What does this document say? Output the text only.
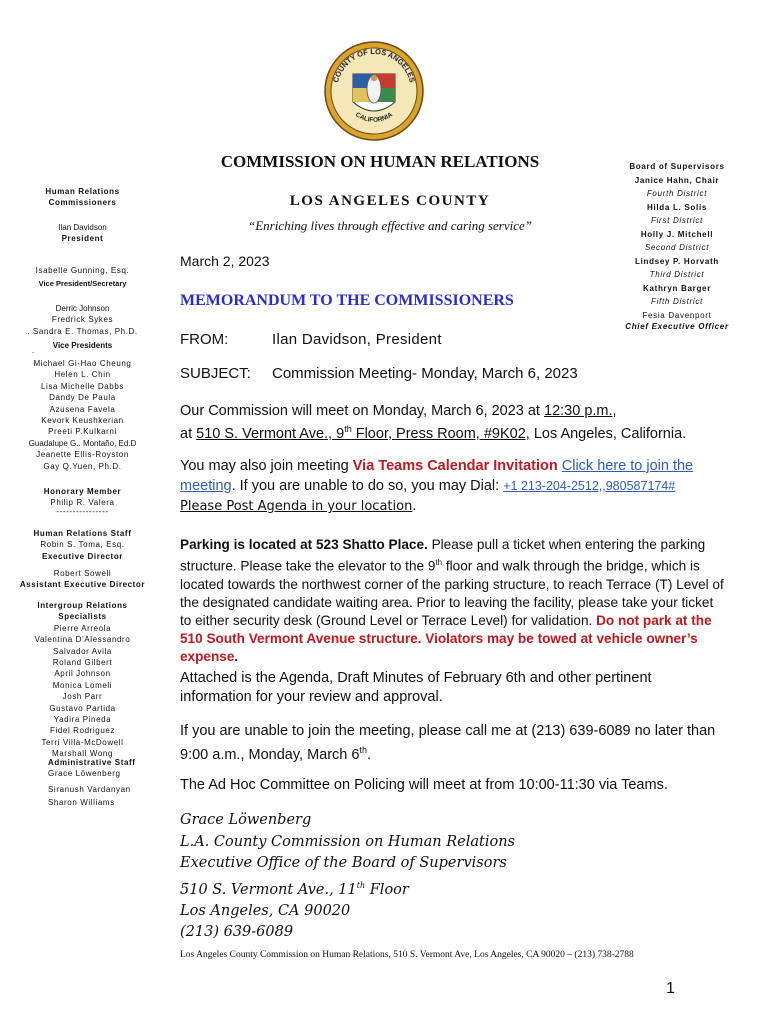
COUNTY OF LOS ANGELES
CALIFORNIA
COMMISSION ON HUMAN RELATIONS
LOS ANGELES COUNTY
“Enriching lives through effective and caring service”
Board of Supervisors
Janice Hahn, Chair
Fourth District
Hilda L. Solis
First District
Holly J. Mitchell
Second District
Lindsey P. Horvath
Third District
Kathryn Barger
Fifth District
Fesia Davenport
Chief Executive Officer
Human Relations
Commissioners
Ilan Davidson
President
Isabelle Gunning, Esq.
Vice President/Secretary
Derric Johnson
Fredrick Sykes
. Sandra E. Thomas, Ph.D.
Vice Presidents
.
Michael Gi-Hao Cheung
Helen L. Chin
Lisa Michelle Dabbs
Dandy De Paula
Azusena Favela
Kevork Keushkerian
Preeti P.Kulkarni
Guadalupe G.. Montaño, Ed.D
Jeanette Ellis-Royston
Gay Q.Yuen, Ph.D.
Honorary Member
Philip R. Valera
----------------
Human Relations Staff
Robin S. Toma, Esq.
Executive Director
Robert Sowell
Assistant Executive Director
Intergroup Relations
Specialists
Pierre Arreola
Valentina D’Alessandro
Salvador Avila
Roland Gilbert
April Johnson
Monica Lomeli
Josh Parr
Gustavo Partida
Yadira Pineda
Fidel Rodriguez
Terri Villa-McDowell
Marshall Wong
Administrative Staff
Grace Löwenberg
Siranush Vardanyan
Sharon Williams
March 2, 2023
MEMORANDUM TO THE COMMISSIONERS
FROM:	Ilan Davidson, President
SUBJECT: Commission Meeting- Monday, March 6, 2023
Our Commission will meet on Monday, March 6, 2023 at 12:30 p.m.,
at 510 S. Vermont Ave., 9th Floor, Press Room, #9K02, Los Angeles, California.
You may also join meeting Via Teams Calendar Invitation Click here to join the meeting. If you are unable to do so, you may Dial: +1 213-204-2512,,980587174#
Please Post Agenda in your location.
Parking is located at 523 Shatto Place. Please pull a ticket when entering the parking structure. Please take the elevator to the 9th floor and walk through the bridge, which is located towards the northwest corner of the parking structure, to reach Terrace (T) Level of the designated candidate waiting area. Prior to leaving the facility, please take your ticket to either security desk (Ground Level or Terrace Level) for validation. Do not park at the 510 South Vermont Avenue structure. Violators may be towed at vehicle owner’s expense.
Attached is the Agenda, Draft Minutes of February 6th and other pertinent information for your review and approval.
If you are unable to join the meeting, please call me at (213) 639-6089 no later than 9:00 a.m., Monday, March 6th.
The Ad Hoc Committee on Policing will meet at from 10:00-11:30 via Teams.
Grace Löwenberg
L.A. County Commission on Human Relations
Executive Office of the Board of Supervisors
510 S. Vermont Ave., 11th Floor
Los Angeles, CA 90020
(213) 639-6089
Los Angeles County Commission on Human Relations, 510 S. Vermont Ave, Los Angeles, CA 90020 – (213) 738-2788
1
